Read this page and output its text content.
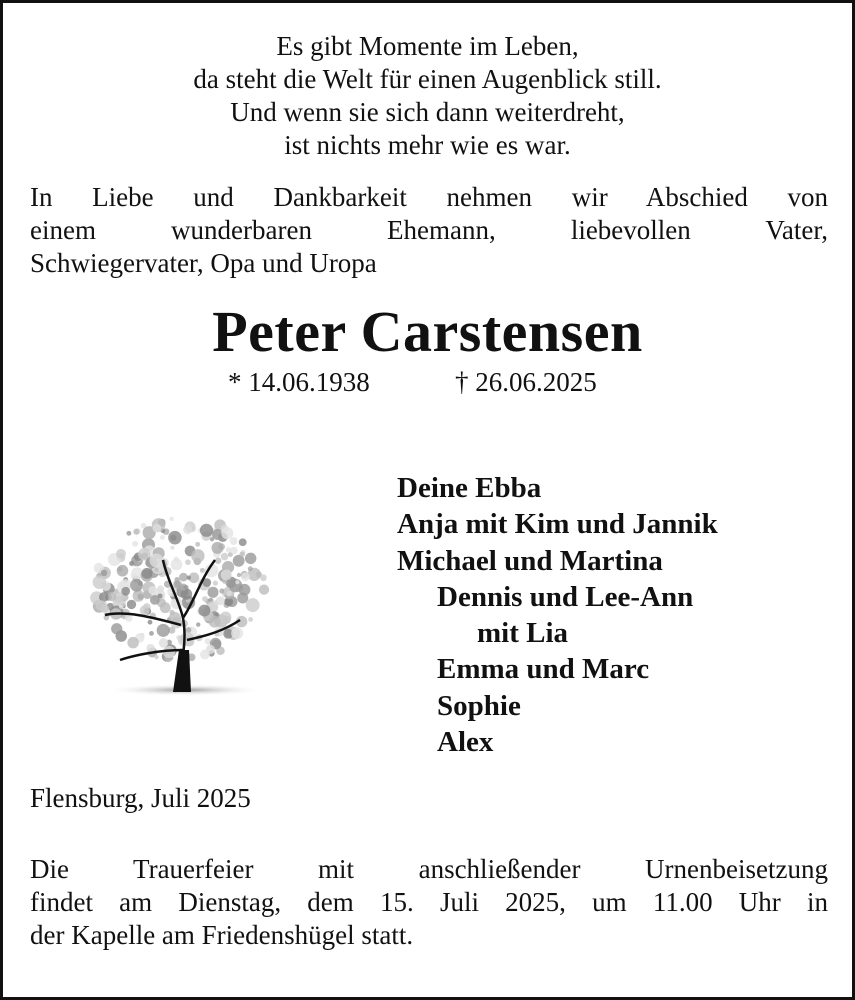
Es gibt Momente im Leben,
da steht die Welt für einen Augenblick still.
Und wenn sie sich dann weiterdreht,
ist nichts mehr wie es war.
In Liebe und Dankbarkeit nehmen wir Abschied von
einem wunderbaren Ehemann, liebevollen Vater,
Schwiegervater, Opa und Uropa
Peter Carstensen
* 14.06.1938	† 26.06.2025
Deine Ebba
Anja mit Kim und Jannik
Michael und Martina
Dennis und Lee-Ann
mit Lia
Emma und Marc
Sophie
Alex
Flensburg, Juli 2025
Die Trauerfeier mit anschließender Urnenbeisetzung
findet am Dienstag, dem 15. Juli 2025, um 11.00 Uhr in
der Kapelle am Friedenshügel statt.
